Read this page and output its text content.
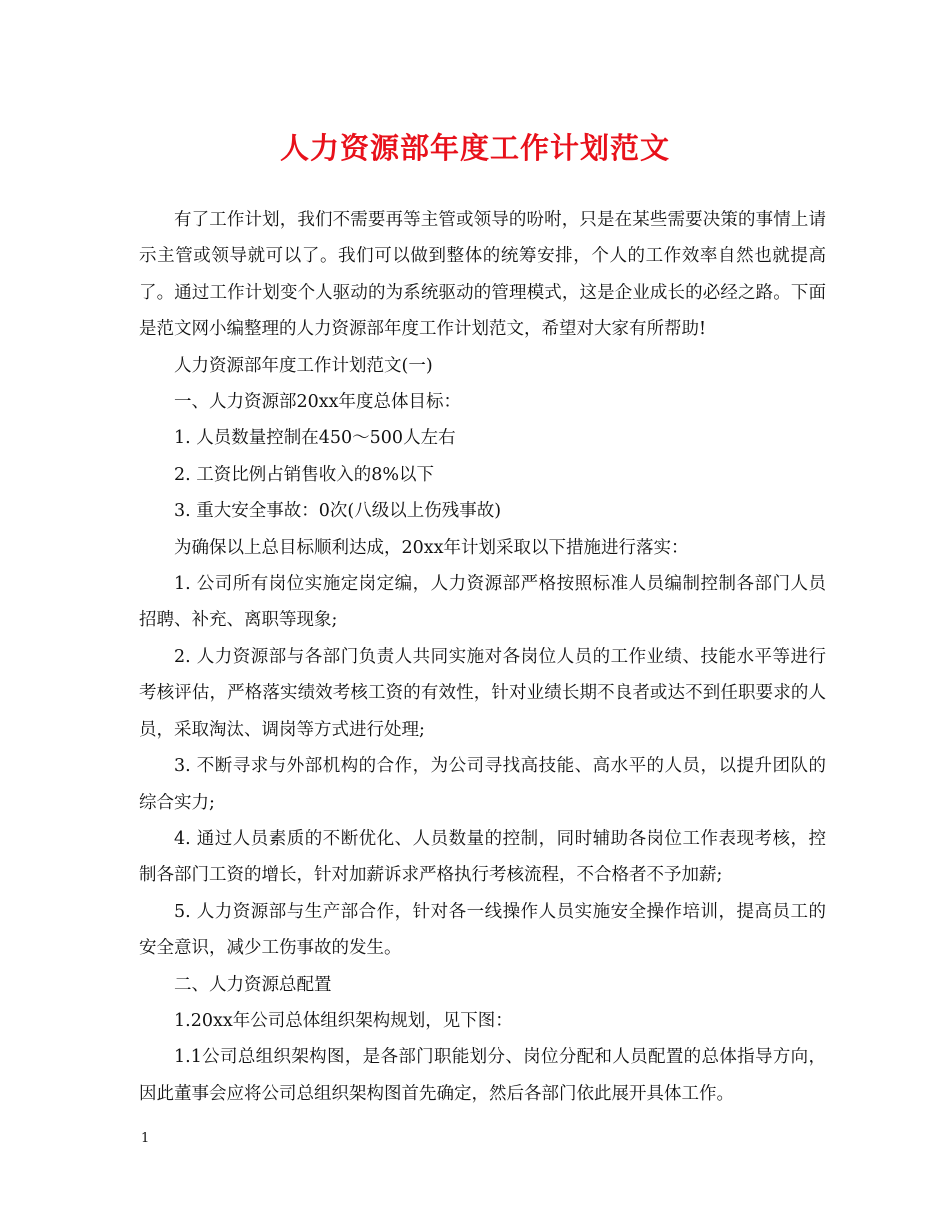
人力资源部年度工作计划范文

有了工作计划，我们不需要再等主管或领导的吩咐，只是在某些需要决策的事情上请示主管或领导就可以了。我们可以做到整体的统筹安排，个人的工作效率自然也就提高了。通过工作计划变个人驱动的为系统驱动的管理模式，这是企业成长的必经之路。下面是范文网小编整理的人力资源部年度工作计划范文，希望对大家有所帮助!

人力资源部年度工作计划范文(一)

一、人力资源部20xx年度总体目标：

1. 人员数量控制在450～500人左右

2. 工资比例占销售收入的8%以下

3. 重大安全事故：0次(八级以上伤残事故)

为确保以上总目标顺利达成，20xx年计划采取以下措施进行落实：

1. 公司所有岗位实施定岗定编，人力资源部严格按照标准人员编制控制各部门人员招聘、补充、离职等现象;

2. 人力资源部与各部门负责人共同实施对各岗位人员的工作业绩、技能水平等进行考核评估，严格落实绩效考核工资的有效性，针对业绩长期不良者或达不到任职要求的人员，采取淘汰、调岗等方式进行处理;

3. 不断寻求与外部机构的合作，为公司寻找高技能、高水平的人员，以提升团队的综合实力;

4. 通过人员素质的不断优化、人员数量的控制，同时辅助各岗位工作表现考核，控制各部门工资的增长，针对加薪诉求严格执行考核流程，不合格者不予加薪;

5. 人力资源部与生产部合作，针对各一线操作人员实施安全操作培训，提高员工的安全意识，减少工伤事故的发生。

二、人力资源总配置

1.20xx年公司总体组织架构规划，见下图：

1.1公司总组织架构图，是各部门职能划分、岗位分配和人员配置的总体指导方向，因此董事会应将公司总组织架构图首先确定，然后各部门依此展开具体工作。

1
